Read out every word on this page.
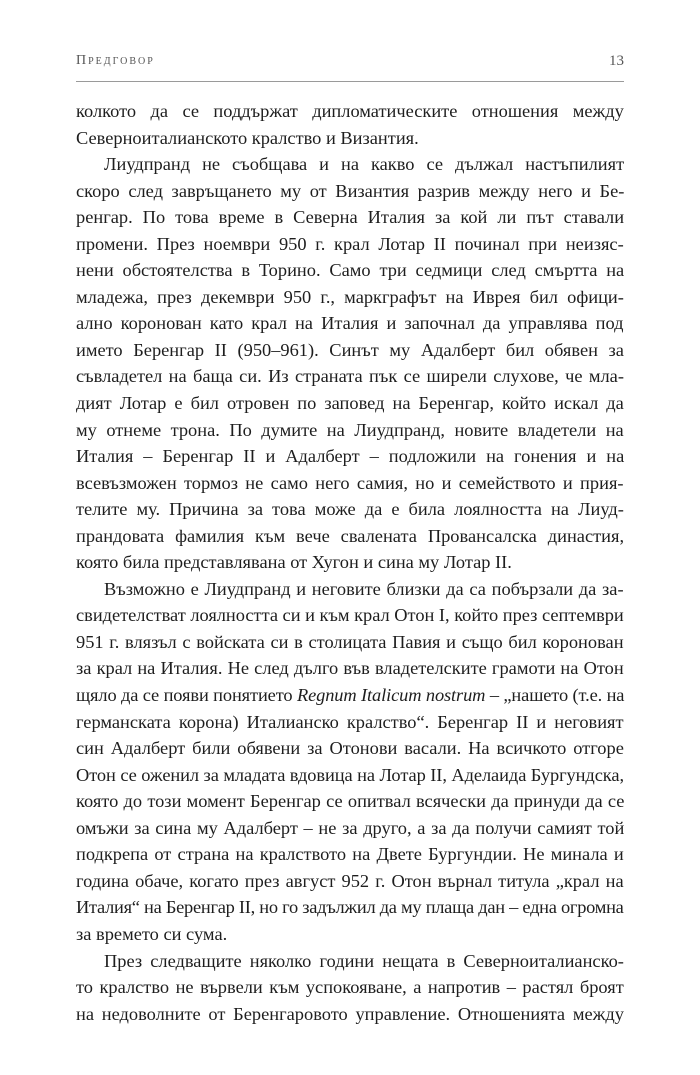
Предговор	13

колкото да се поддържат дипломатическите отношения между
Северноиталианското кралство и Византия.

Лиудпранд не съобщава и на какво се дължал настъпилият
скоро след завръщането му от Византия разрив между него и Бе-
ренгар. По това време в Северна Италия за кой ли път ставали
промени. През ноември 950 г. крал Лотар II починал при неизяс-
нени обстоятелства в Торино. Само три седмици след смъртта на
младежа, през декември 950 г., маркграфът на Иврея бил офици-
ално коронован като крал на Италия и започнал да управлява под
името Беренгар II (950–961). Синът му Адалберт бил обявен за
съвладетел на баща си. Из страната пък се ширели слухове, че мла-
дият Лотар е бил отровен по заповед на Беренгар, който искал да
му отнеме трона. По думите на Лиудпранд, новите владетели на
Италия – Беренгар II и Адалберт – подложили на гонения и на
всевъзможен тормоз не само него самия, но и семейството и прия-
телите му. Причина за това може да е била лоялността на Лиуд-
прандовата фамилия към вече свалената Провансалска династия,
която била представлявана от Хугон и сина му Лотар II.

Възможно е Лиудпранд и неговите близки да са побързали да за-
свидетелстват лоялността си и към крал Отон I, който през септември
951 г. влязъл с войската си в столицата Павия и също бил коронован
за крал на Италия. Не след дълго във владетелските грамоти на Отон
щяло да се появи понятието Regnum Italicum nostrum – „нашето (т.е. на
германската корона) Италианско кралство“. Беренгар II и неговият
син Адалберт били обявени за Отонови васали. На всичкото отгоре
Отон се оженил за младата вдовица на Лотар II, Аделаида Бургундска,
която до този момент Беренгар се опитвал всячески да принуди да се
омъжи за сина му Адалберт – не за друго, а за да получи самият той
подкрепа от страна на кралството на Двете Бургундии. Не минала и
година обаче, когато през август 952 г. Отон върнал титула „крал на
Италия“ на Беренгар II, но го задължил да му плаща дан – една огромна
за времето си сума.

През следващите няколко години нещата в Северноиталианско-
то кралство не вървели към успокояване, а напротив – растял броят
на недоволните от Беренгаровото управление. Отношенията между
